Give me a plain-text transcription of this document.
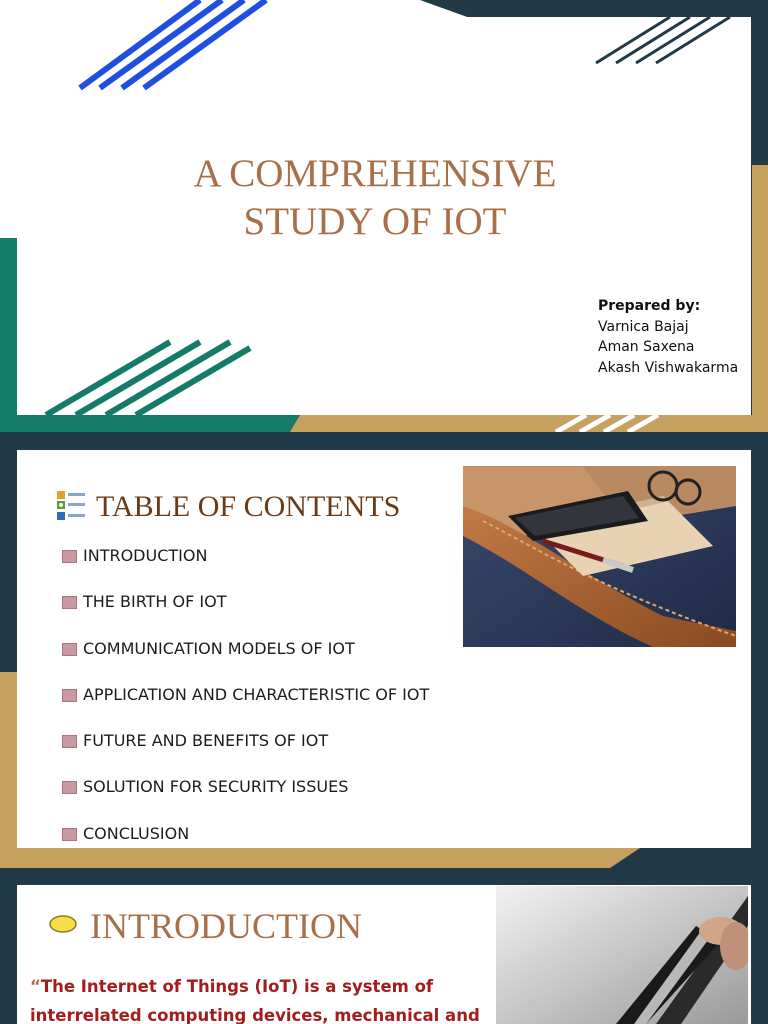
A COMPREHENSIVE
STUDY OF IOT
Prepared by:
Varnica Bajaj
Aman Saxena
Akash Vishwakarma
TABLE OF CONTENTS
INTRODUCTION
THE BIRTH OF IOT
COMMUNICATION MODELS OF IOT
APPLICATION AND CHARACTERISTIC OF IOT
FUTURE AND BENEFITS OF IOT
SOLUTION FOR SECURITY ISSUES
CONCLUSION
INTRODUCTION
“The Internet of Things (IoT) is a system of interrelated computing devices, mechanical and
